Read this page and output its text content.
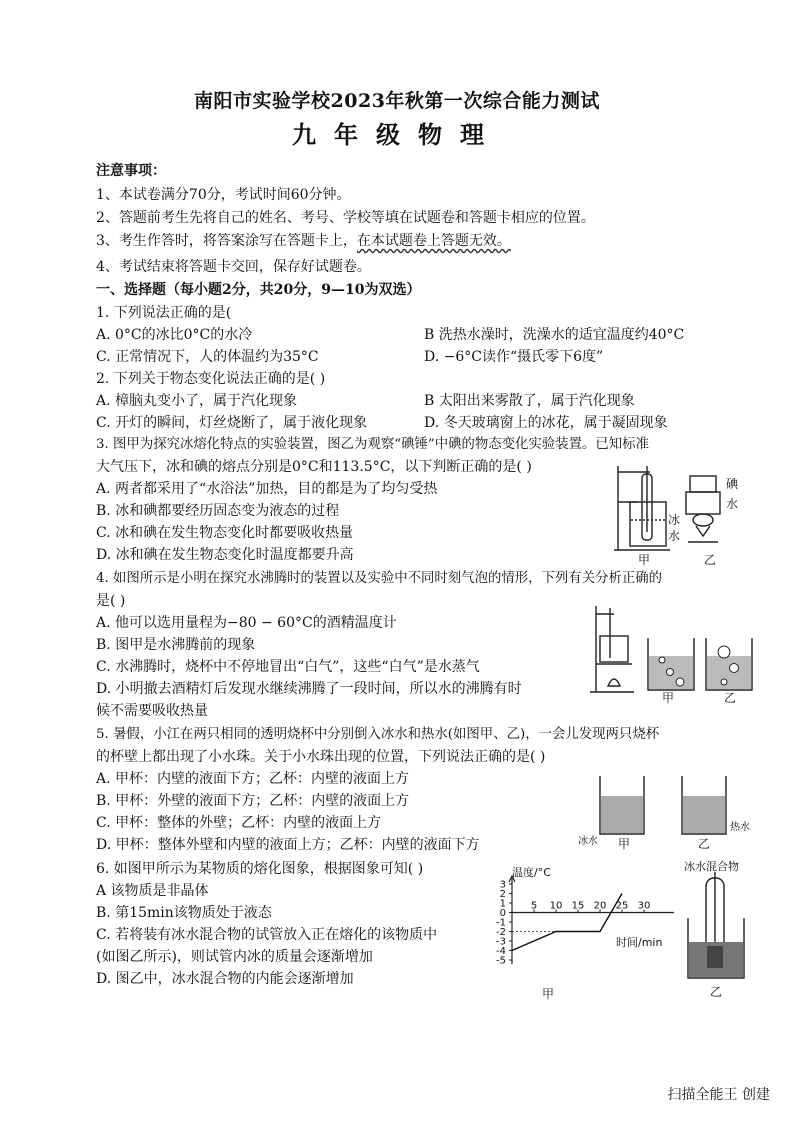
南阳市实验学校2023年秋第一次综合能力测试
九年级物理
注意事项：
1、本试卷满分70分，考试时间60分钟。
2、答题前考生先将自己的姓名、考号、学校等填在试题卷和答题卡相应的位置。
3、考生作答时，将答案涂写在答题卡上，在本试题卷上答题无效。
4、考试结束将答题卡交回，保存好试题卷。
一、选择题（每小题2分，共20分，9—10为双选）
1. 下列说法正确的是(
A. 0°C的冰比0°C的水冷	B 洗热水澡时，洗澡水的适宜温度约40°C
C. 正常情况下，人的体温约为35°C	D. −6°C读作“摄氏零下6度”
2. 下列关于物态变化说法正确的是( )
A. 樟脑丸变小了，属于汽化现象	B 太阳出来雾散了，属于汽化现象
C. 开灯的瞬间，灯丝烧断了，属于液化现象	D. 冬天玻璃窗上的冰花，属于凝固现象
3. 图甲为探究冰熔化特点的实验装置，图乙为观察“碘锤”中碘的物态变化实验装置。已知标准
大气压下，冰和碘的熔点分别是0°C和113.5°C，以下判断正确的是( )
A. 两者都采用了“水浴法”加热，目的都是为了均匀受热
B. 冰和碘都要经历固态变为液态的过程
C. 冰和碘在发生物态变化时都要吸收热量
D. 冰和碘在发生物态变化时温度都要升高
碘
水
冰
水
甲	乙
4. 如图所示是小明在探究水沸腾时的装置以及实验中不同时刻气泡的情形，下列有关分析正确的
是( )
A. 他可以选用量程为−80 − 60°C的酒精温度计
B. 图甲是水沸腾前的现象
C. 水沸腾时，烧杯中不停地冒出“白气”，这些“白气”是水蒸气
D. 小明撤去酒精灯后发现水继续沸腾了一段时间，所以水的沸腾有时
候不需要吸收热量
甲	乙
5. 暑假，小江在两只相同的透明烧杯中分别倒入冰水和热水(如图甲、乙)，一会儿发现两只烧杯
的杯壁上都出现了小水珠。关于小水珠出现的位置，下列说法正确的是( )
A. 甲杯：内壁的液面下方；乙杯：内壁的液面上方
B. 甲杯：外壁的液面下方；乙杯：内壁的液面上方
C. 甲杯：整体的外壁；乙杯：内壁的液面上方
D. 甲杯：整体外壁和内壁的液面上方；乙杯：内壁的液面下方	冰水 甲	乙
热水
6. 如图甲所示为某物质的熔化图象，根据图象可知( )
A 该物质是非晶体
B. 第15min该物质处于液态
C. 若将装有冰水混合物的试管放入正在熔化的该物质中
(如图乙所示)，则试管内冰的质量会逐渐增加
D. 图乙中，冰水混合物的内能会逐渐增加
3
2
1
0
-1
-2
-3
-4
-5
5 10 15 20 25 30
温度/°C
时间/min
甲
冰水混合物
乙
扫描全能王 创建
